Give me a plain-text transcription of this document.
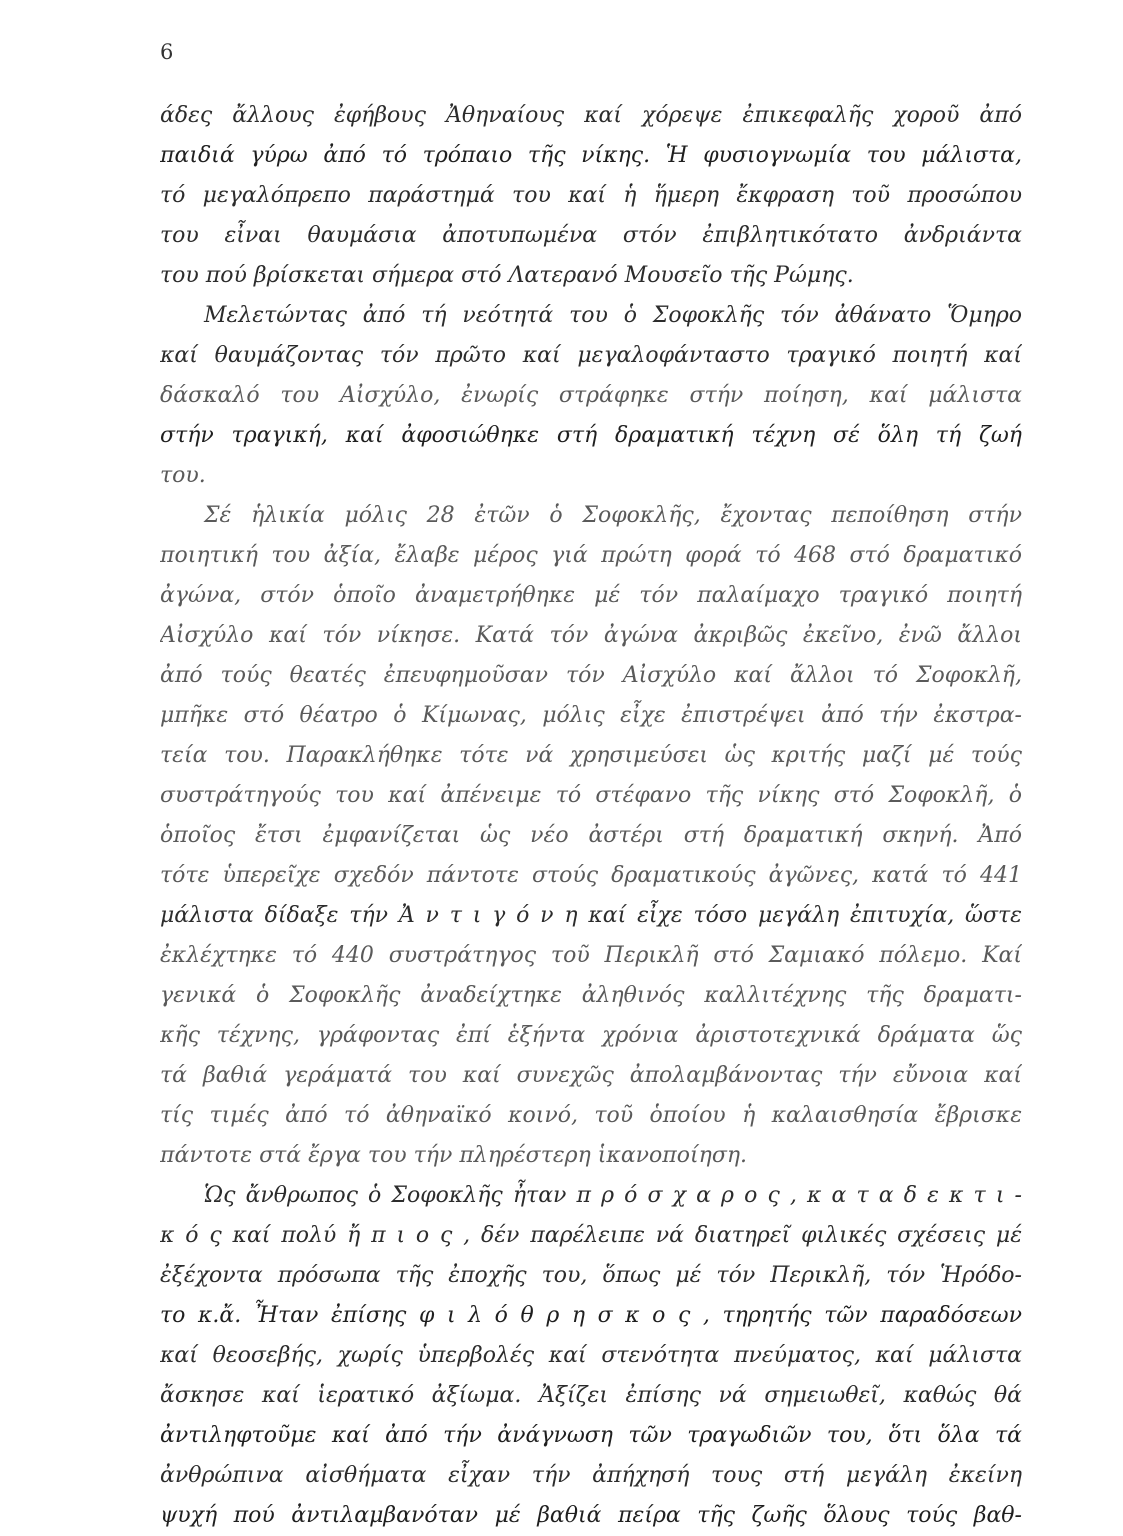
6
άδες ἄλλους ἐφήβους Ἀθηναίους καί χόρεψε ἐπικεφαλῆς χοροῦ ἀπό
παιδιά γύρω ἀπό τό τρόπαιο τῆς νίκης. Ἡ φυσιογνωμία του μάλιστα,
τό μεγαλόπρεπο παράστημά του καί ἡ ἥμερη ἔκφραση τοῦ προσώπου
του εἶναι θαυμάσια ἀποτυπωμένα στόν ἐπιβλητικότατο ἀνδριάντα
του πού βρίσκεται σήμερα στό Λατερανό Μουσεῖο τῆς Ρώμης.
Μελετώντας ἀπό τή νεότητά του ὁ Σοφοκλῆς τόν ἀθάνατο Ὅμηρο
καί θαυμάζοντας τόν πρῶτο καί μεγαλοφάνταστο τραγικό ποιητή καί
δάσκαλό του Αἰσχύλο, ἐνωρίς στράφηκε στήν ποίηση, καί μάλιστα
στήν τραγική, καί ἀφοσιώθηκε στή δραματική τέχνη σέ ὅλη τή ζωή
του.
Σέ ἡλικία μόλις 28 ἐτῶν ὁ Σοφοκλῆς, ἔχοντας πεποίθηση στήν
ποιητική του ἀξία, ἔλαβε μέρος γιά πρώτη φορά τό 468 στό δραματικό
ἀγώνα, στόν ὁποῖο ἀναμετρήθηκε μέ τόν παλαίμαχο τραγικό ποιητή
Αἰσχύλο καί τόν νίκησε. Κατά τόν ἀγώνα ἀκριβῶς ἐκεῖνο, ἐνῶ ἄλλοι
ἀπό τούς θεατές ἐπευφημοῦσαν τόν Αἰσχύλο καί ἄλλοι τό Σοφοκλῆ,
μπῆκε στό θέατρο ὁ Κίμωνας, μόλις εἶχε ἐπιστρέψει ἀπό τήν ἐκστρα-
τεία του. Παρακλήθηκε τότε νά χρησιμεύσει ὡς κριτής μαζί μέ τούς
συστράτηγούς του καί ἀπένειμε τό στέφανο τῆς νίκης στό Σοφοκλῆ, ὁ
ὁποῖος ἔτσι ἐμφανίζεται ὡς νέο ἀστέρι στή δραματική σκηνή. Ἀπό
τότε ὑπερεῖχε σχεδόν πάντοτε στούς δραματικούς ἀγῶνες, κατά τό 441
μάλιστα δίδαξε τήν Ἀ ν τ ι γ ό ν η καί εἶχε τόσο μεγάλη ἐπιτυχία, ὥστε
ἐκλέχτηκε τό 440 συστράτηγος τοῦ Περικλῆ στό Σαμιακό πόλεμο. Καί
γενικά ὁ Σοφοκλῆς ἀναδείχτηκε ἀληθινός καλλιτέχνης τῆς δραματι-
κῆς τέχνης, γράφοντας ἐπί ἑξήντα χρόνια ἀριστοτεχνικά δράματα ὥς
τά βαθιά γεράματά του καί συνεχῶς ἀπολαμβάνοντας τήν εὔνοια καί
τίς τιμές ἀπό τό ἀθηναϊκό κοινό, τοῦ ὁποίου ἡ καλαισθησία ἔβρισκε
πάντοτε στά ἔργα του τήν πληρέστερη ἱκανοποίηση.
Ὡς ἄνθρωπος ὁ Σοφοκλῆς ἦταν π ρ ό σ χ α ρ ο ς , κ α τ α δ ε κ τ ι -
κ ό ς καί πολύ ἤ π ι ο ς , δέν παρέλειπε νά διατηρεῖ φιλικές σχέσεις μέ
ἐξέχοντα πρόσωπα τῆς ἐποχῆς του, ὅπως μέ τόν Περικλῆ, τόν Ἡρόδο-
το κ.ἄ. Ἦταν ἐπίσης φ ι λ ό θ ρ η σ κ ο ς , τηρητής τῶν παραδόσεων
καί θεοσεβής, χωρίς ὑπερβολές καί στενότητα πνεύματος, καί μάλιστα
ἄσκησε καί ἱερατικό ἀξίωμα. Ἀξίζει ἐπίσης νά σημειωθεῖ, καθώς θά
ἀντιληφτοῦμε καί ἀπό τήν ἀνάγνωση τῶν τραγωδιῶν του, ὅτι ὅλα τά
ἀνθρώπινα αἰσθήματα εἶχαν τήν ἀπήχησή τους στή μεγάλη ἐκείνη
ψυχή πού ἀντιλαμβανόταν μέ βαθιά πείρα τῆς ζωῆς ὅλους τούς βαθ-
